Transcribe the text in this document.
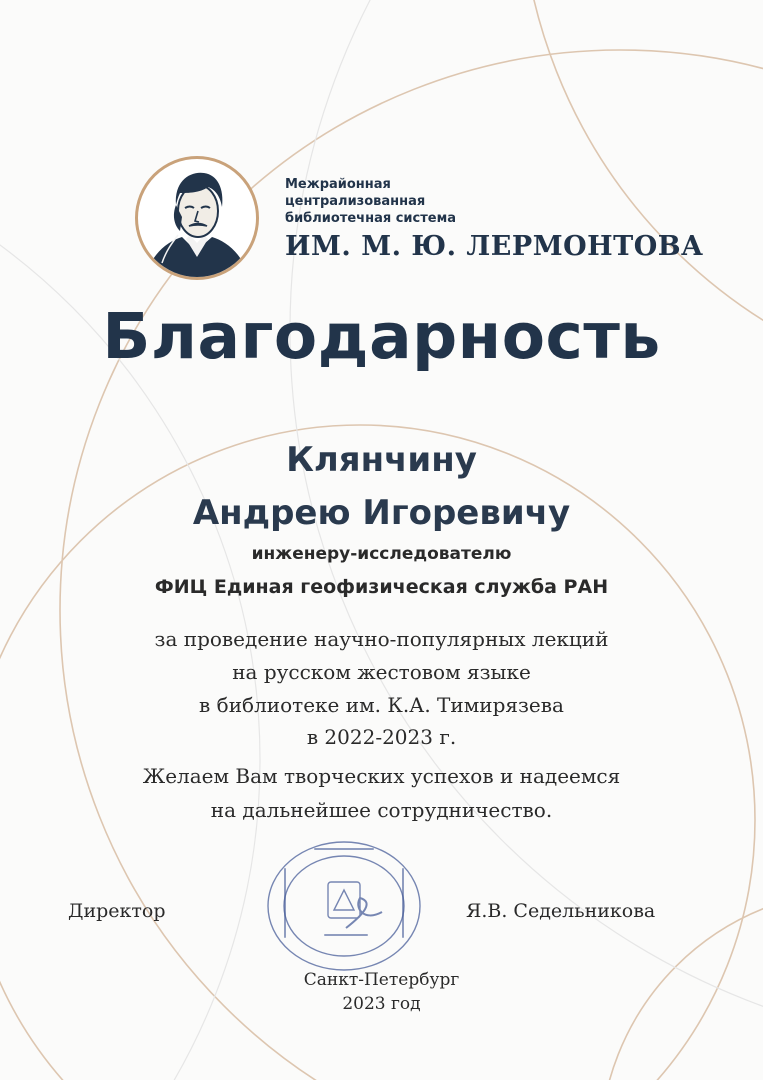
Межрайонная
централизованная
библиотечная система
ИМ. М. Ю. ЛЕРМОНТОВА
Благодарность
Клянчину
Андрею Игоревичу
инженеру-исследователю
ФИЦ Единая геофизическая служба РАН
за проведение научно-популярных лекций
на русском жестовом языке
в библиотеке им. К.А. Тимирязева
в 2022-2023 г.
Желаем Вам творческих успехов и надеемся
на дальнейшее сотрудничество.
Директор	Я.В. Седельникова
Санкт-Петербург
2023 год
